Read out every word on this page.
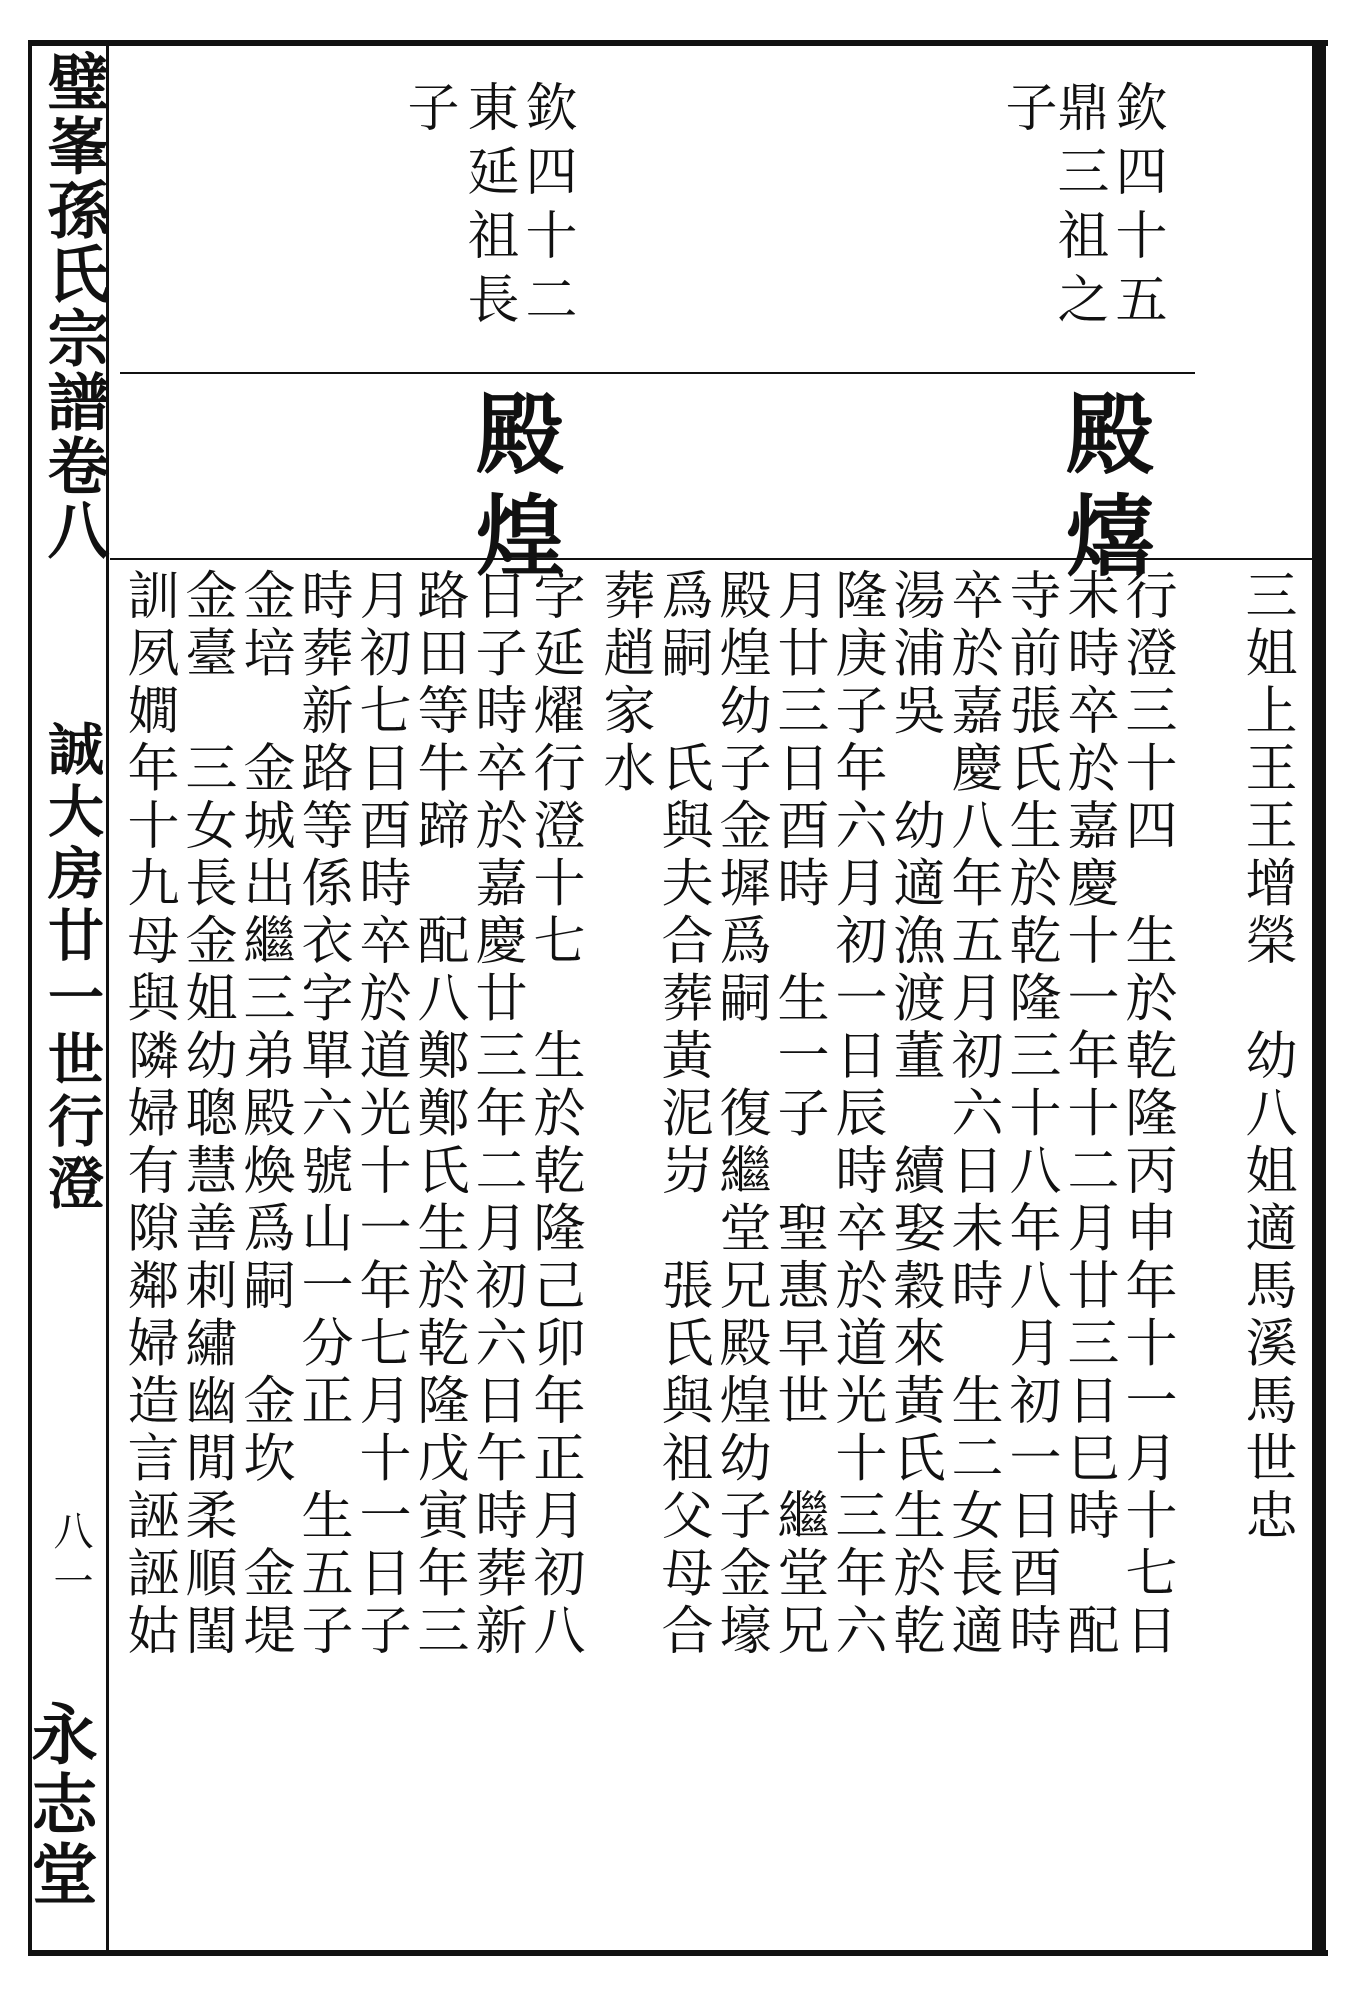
璧峯孫氏宗譜卷八
誠大房廿一世行澄
八一
永志堂
欽四十五
鼎三祖之
子
欽四十二
東延祖長
子
殿熺
殿煌
三姐上王王增榮　幼八姐適馬溪馬世忠
行澄三十四　生於乾隆丙申年十一月十七日
未時卒於嘉慶十一年十二月廿三日巳時　配
寺前張氏生於乾隆三十八年八月初一日酉時
卒於嘉慶八年五月初六日未時　生二女長適
湯浦吳　幼適漁渡董　續娶穀來黃氏生於乾
隆庚子年六月初一日辰時卒於道光十三年六
月廿三日酉時　生一子　聖惠早世　繼堂兄
殿煌幼子金墀爲嗣　復繼堂兄殿煌幼子金壕
爲嗣　氏與夫合葬黃泥岃　張氏與祖父母合
葬趙家水
字延燿行澄十七　生於乾隆己卯年正月初八
日子時卒於嘉慶廿三年二月初六日午時葬新
路田等牛蹄　配八鄭鄭氏生於乾隆戊寅年三
月初七日酉時卒於道光十一年七月十一日子
時葬新路等係衣字單六號山一分正　生五子
金培　金城出繼三弟殿煥爲嗣　金坎　金堤
金臺　三女長金姐幼聰慧善刺繡幽閒柔順閨
訓夙嫺年十九母與隣婦有隙鄰婦造言誣誣姑
